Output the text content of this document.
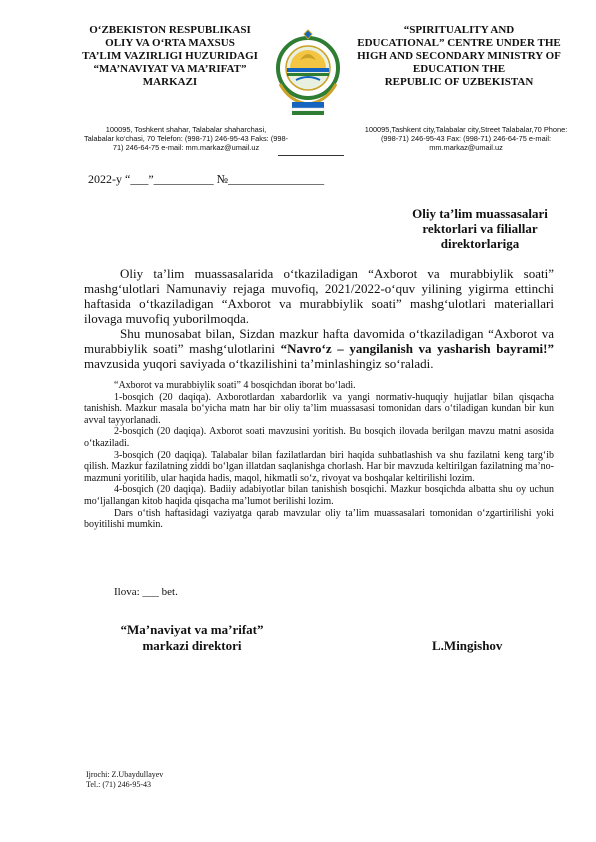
O‘ZBEKISTON RESPUBLIKASI
OLIY VA O‘RTA MAXSUS
TA’LIM VAZIRLIGI HUZURIDAGI
“MA’NAVIYAT VA MA’RIFAT”
MARKAZI
“SPIRITUALITY AND
EDUCATIONAL” CENTRE UNDER THE
HIGH AND SECONDARY MINISTRY OF
EDUCATION THE
REPUBLIC OF UZBEKISTAN
100095, Toshkent shahar, Talabalar shaharchasi,
Talabalar ko‘chasi, 70 Telefon: (998-71) 246-95-43 Faks: (998-
71) 246-64-75 e-mail: mm.markaz@umail.uz
100095,Tashkent city,Talabalar city,Street Talabalar,70 Phone:
(998-71) 246-95-43 Fax: (998-71) 246-64-75 e-mail:
mm.markaz@umail.uz
2022-y “___”__________ №________________
Oliy ta’lim muassasalari
rektorlari va filiallar
direktorlariga

Oliy ta’lim muassasalarida o‘tkaziladigan “Axborot va murabbiylik soati” mashg‘ulotlari Namunaviy rejaga muvofiq, 2021/2022-o‘quv yilining yigirma ettinchi haftasida o‘tkaziladigan “Axborot va murabbiylik soati” mashg‘ulotlari materiallari ilovaga muvofiq yuborilmoqda.

Shu munosabat bilan, Sizdan mazkur hafta davomida o‘tkaziladigan “Axborot va murabbiylik soati” mashg‘ulotlarini “Navro‘z – yangilanish va yasharish bayrami!” mavzusida yuqori saviyada o‘tkazilishini ta’minlashingiz so‘raladi.

“Axborot va murabbiylik soati” 4 bosqichdan iborat bo‘ladi.

1-bosqich (20 daqiqa). Axborotlardan xabardorlik va yangi normativ-huquqiy hujjatlar bilan qisqacha tanishish. Mazkur masala bo‘yicha matn har bir oliy ta’lim muassasasi tomonidan dars o‘tiladigan kundan bir kun avval tayyorlanadi.

2-bosqich (20 daqiqa). Axborot soati mavzusini yoritish. Bu bosqich ilovada berilgan mavzu matni asosida o‘tkaziladi.

3-bosqich (20 daqiqa). Talabalar bilan fazilatlardan biri haqida suhbatlashish va shu fazilatni keng targ‘ib qilish. Mazkur fazilatning ziddi bo‘lgan illatdan saqlanishga chorlash. Har bir mavzuda keltirilgan fazilatning ma’no-mazmuni yoritilib, ular haqida hadis, maqol, hikmatli so‘z, rivoyat va boshqalar keltirilishi lozim.

4-bosqich (20 daqiqa). Badiiy adabiyotlar bilan tanishish bosqichi. Mazkur bosqichda albatta shu oy uchun mo‘ljallangan kitob haqida qisqacha ma’lumot berilishi lozim.

Dars o‘tish haftasidagi vaziyatga qarab mavzular oliy ta’lim muassasalari tomonidan o‘zgartirilishi yoki boyitilishi mumkin.

Ilova: ___ bet.
“Ma’naviyat va ma’rifat”
markazi direktori	L.Mingishov
Ijrochi: Z.Ubaydullayev
Tel.: (71) 246-95-43
